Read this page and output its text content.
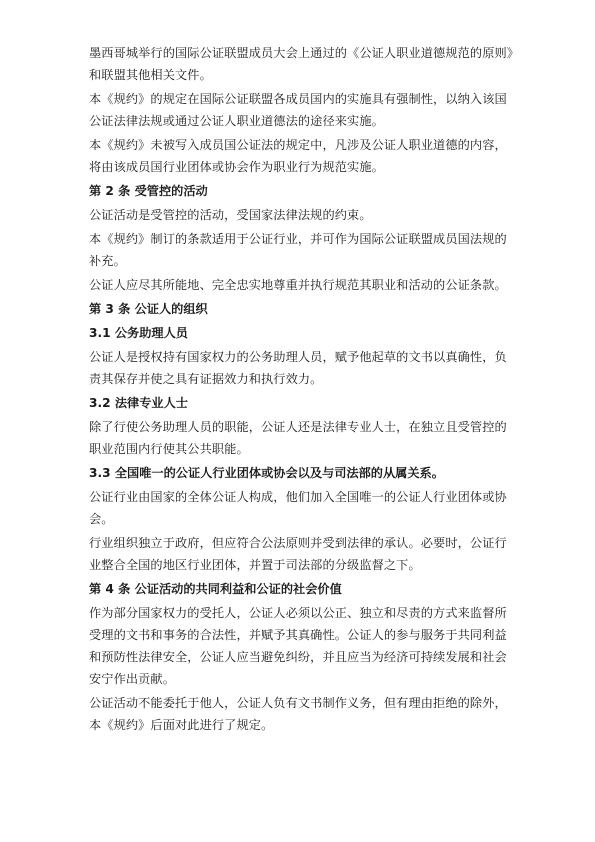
墨西哥城举行的国际公证联盟成员大会上通过的《公证人职业道德规范的原则》和联盟其他相关文件。

本《规约》的规定在国际公证联盟各成员国内的实施具有强制性，以纳入该国公证法律法规或通过公证人职业道德法的途径来实施。

本《规约》未被写入成员国公证法的规定中，凡涉及公证人职业道德的内容，将由该成员国行业团体或协会作为职业行为规范实施。

第 2 条 受管控的活动

公证活动是受管控的活动，受国家法律法规的约束。

本《规约》制订的条款适用于公证行业，并可作为国际公证联盟成员国法规的补充。

公证人应尽其所能地、完全忠实地尊重并执行规范其职业和活动的公证条款。

第 3 条 公证人的组织

3.1 公务助理人员

公证人是授权持有国家权力的公务助理人员，赋予他起草的文书以真确性，负责其保存并使之具有证据效力和执行效力。

3.2 法律专业人士

除了行使公务助理人员的职能，公证人还是法律专业人士，在独立且受管控的职业范围内行使其公共职能。

3.3 全国唯一的公证人行业团体或协会以及与司法部的从属关系。

公证行业由国家的全体公证人构成，他们加入全国唯一的公证人行业团体或协会。

行业组织独立于政府，但应符合公法原则并受到法律的承认。必要时，公证行业整合全国的地区行业团体，并置于司法部的分级监督之下。

第 4 条 公证活动的共同利益和公证的社会价值

作为部分国家权力的受托人，公证人必须以公正、独立和尽责的方式来监督所受理的文书和事务的合法性，并赋予其真确性。公证人的参与服务于共同利益和预防性法律安全，公证人应当避免纠纷，并且应当为经济可持续发展和社会安宁作出贡献。

公证活动不能委托于他人，公证人负有文书制作义务，但有理由拒绝的除外，本《规约》后面对此进行了规定。
